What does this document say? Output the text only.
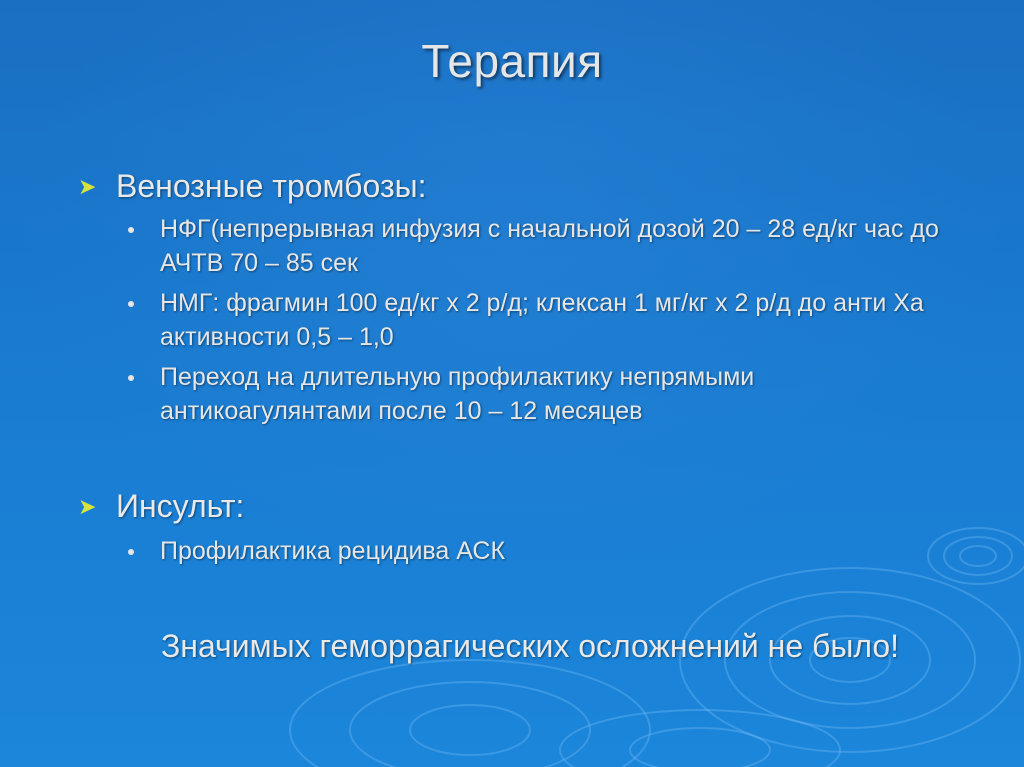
Терапия
➤ Венозные тромбозы:
НФГ(непрерывная инфузия с начальной дозой 20 – 28 ед/кг час до АЧТВ 70 – 85 сек
НМГ: фрагмин 100 ед/кг х 2 р/д; клексан 1 мг/кг х 2 р/д до анти Ха активности 0,5 – 1,0
Переход на длительную профилактику непрямыми антикоагулянтами после 10 – 12 месяцев
➤ Инсульт:
Профилактика рецидива АСК
Значимых геморрагических осложнений не было!
